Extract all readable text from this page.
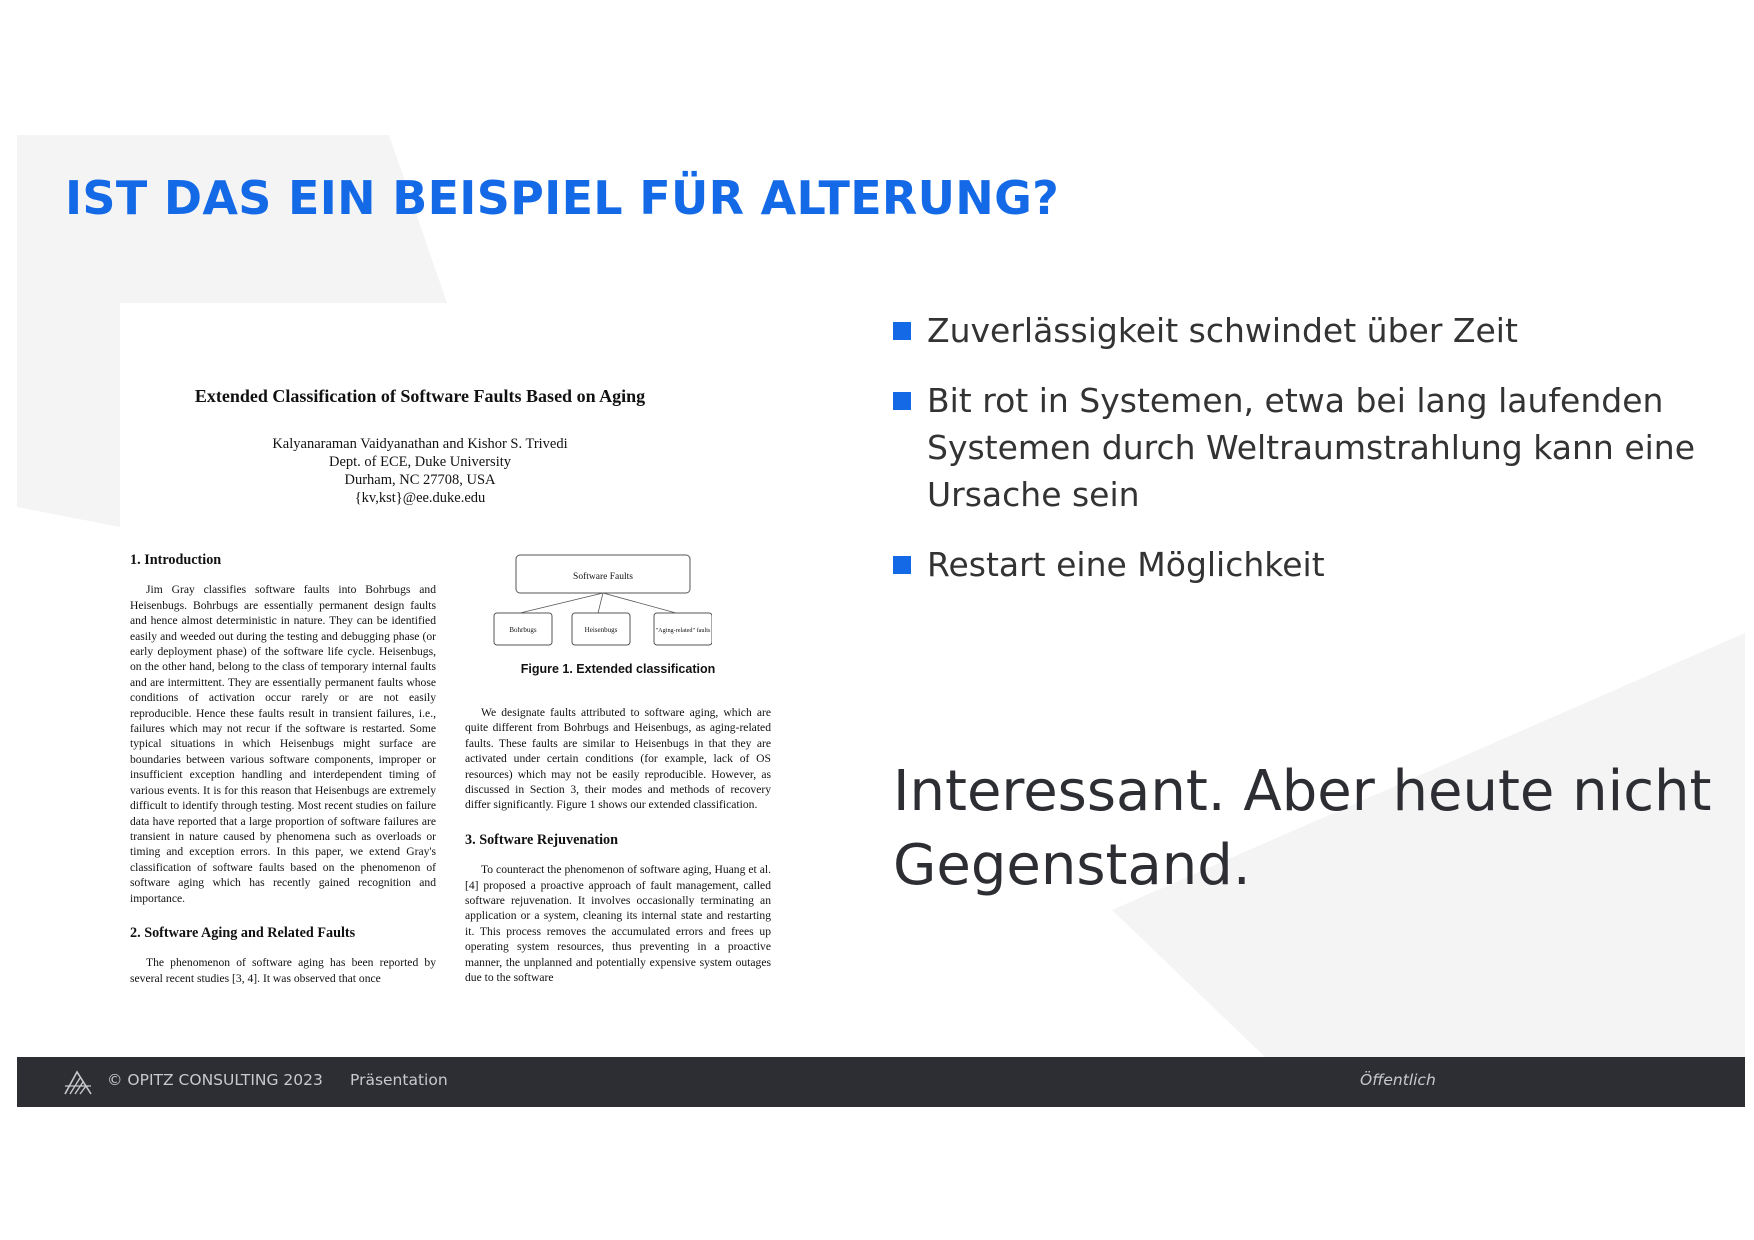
IST DAS EIN BEISPIEL FÜR ALTERUNG?
Extended Classification of Software Faults Based on Aging
Kalyanaraman Vaidyanathan and Kishor S. Trivedi
Dept. of ECE, Duke University
Durham, NC 27708, USA
{kv,kst}@ee.duke.edu

1. Introduction

Jim Gray classifies software faults into Bohrbugs and Heisenbugs. Bohrbugs are essentially permanent design faults and hence almost deterministic in nature. They can be identified easily and weeded out during the testing and debugging phase (or early deployment phase) of the software life cycle. Heisenbugs, on the other hand, belong to the class of temporary internal faults and are intermittent. They are essentially permanent faults whose conditions of activation occur rarely or are not easily reproducible. Hence these faults result in transient failures, i.e., failures which may not recur if the software is restarted. Some typical situations in which Heisenbugs might surface are boundaries between various software components, improper or insufficient exception handling and interdependent timing of various events. It is for this reason that Heisenbugs are extremely difficult to identify through testing. Most recent studies on failure data have reported that a large proportion of software failures are transient in nature caused by phenomena such as overloads or timing and exception errors. In this paper, we extend Gray's classification of software faults based on the phenomenon of software aging which has recently gained recognition and importance.

2. Software Aging and Related Faults

The phenomenon of software aging has been reported by several recent studies [3, 4]. It was observed that once

Software Faults
Bohrbugs	Heisenbugs	"Aging-related" faults
Figure 1. Extended classification

We designate faults attributed to software aging, which are quite different from Bohrbugs and Heisenbugs, as aging-related faults. These faults are similar to Heisenbugs in that they are activated under certain conditions (for example, lack of OS resources) which may not be easily reproducible. However, as discussed in Section 3, their modes and methods of recovery differ significantly. Figure 1 shows our extended classification.

3. Software Rejuvenation

To counteract the phenomenon of software aging, Huang et al. [4] proposed a proactive approach of fault management, called software rejuvenation. It involves occasionally terminating an application or a system, cleaning its internal state and restarting it. This process removes the accumulated errors and frees up operating system resources, thus preventing in a proactive manner, the unplanned and potentially expensive system outages due to the software

Zuverlässigkeit schwindet über Zeit
Bit rot in Systemen, etwa bei lang laufenden Systemen durch Weltraumstrahlung kann eine Ursache sein
Restart eine Möglichkeit

Interessant. Aber heute nicht Gegenstand.

© OPITZ CONSULTING 2023 Präsentation	Öffentlich
